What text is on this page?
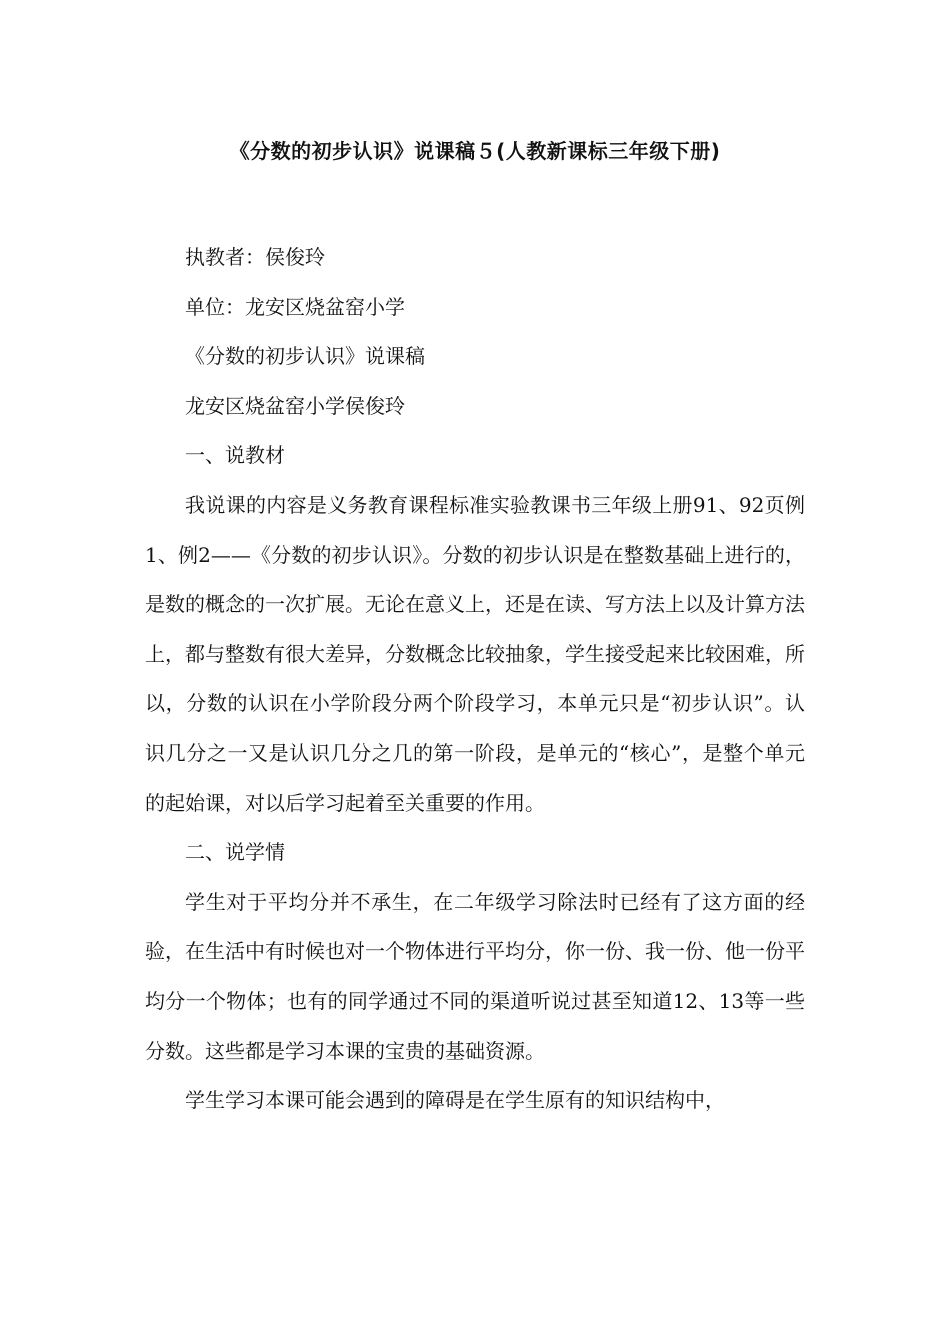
《分数的初步认识》说课稿５(人教新课标三年级下册)

执教者：侯俊玲

单位：龙安区烧盆窑小学

《分数的初步认识》说课稿

龙安区烧盆窑小学侯俊玲

一、说教材

我说课的内容是义务教育课程标准实验教课书三年级上册91、92页例1、例2——《分数的初步认识》。分数的初步认识是在整数基础上进行的，是数的概念的一次扩展。无论在意义上，还是在读、写方法上以及计算方法上，都与整数有很大差异，分数概念比较抽象，学生接受起来比较困难，所以，分数的认识在小学阶段分两个阶段学习，本单元只是“初步认识”。认识几分之一又是认识几分之几的第一阶段，是单元的“核心”，是整个单元的起始课，对以后学习起着至关重要的作用。

二、说学情

学生对于平均分并不承生，在二年级学习除法时已经有了这方面的经验，在生活中有时候也对一个物体进行平均分，你一份、我一份、他一份平均分一个物体；也有的同学通过不同的渠道听说过甚至知道12、13等一些分数。这些都是学习本课的宝贵的基础资源。

学生学习本课可能会遇到的障碍是在学生原有的知识结构中，
